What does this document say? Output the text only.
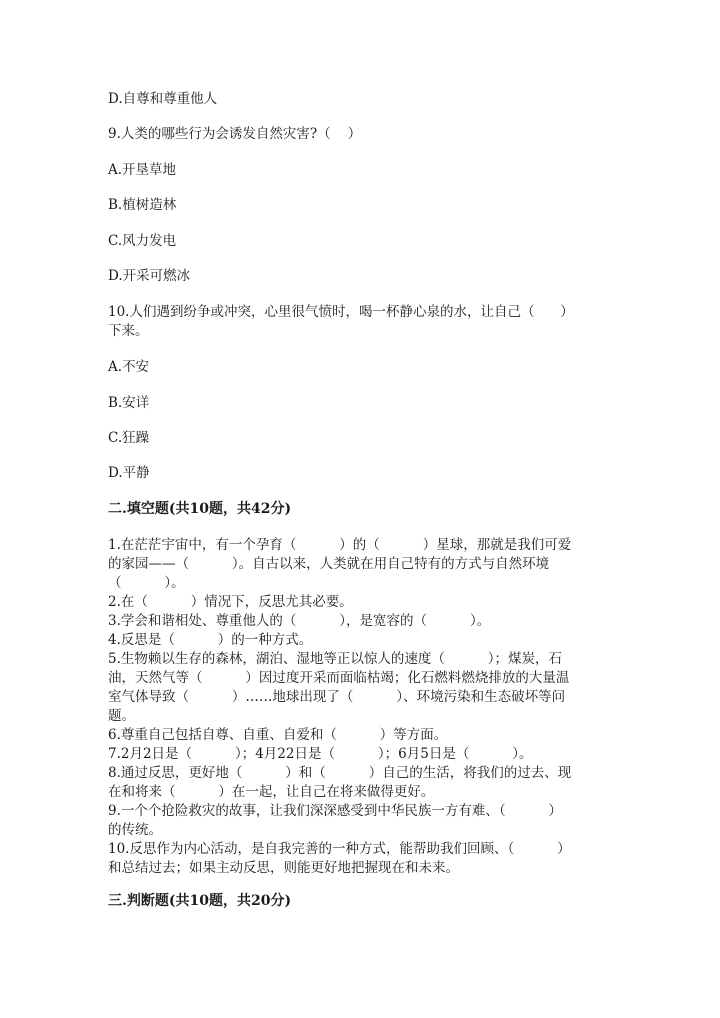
D.自尊和尊重他人
9.人类的哪些行为会诱发自然灾害?（    ）
A.开垦草地
B.植树造林
C.风力发电
D.开采可燃冰
10.人们遇到纷争或冲突，心里很气愤时，喝一杯静心泉的水，让自己（      ）
下来。
A.不安
B.安详
C.狂躁
D.平静
二.填空题(共10题，共42分)
1.在茫茫宇宙中，有一个孕育（          ）的（          ）星球，那就是我们可爱
的家园——（          ）。自古以来，人类就在用自己特有的方式与自然环境
（          ）。
2.在（          ）情况下，反思尤其必要。
3.学会和谐相处、尊重他人的（          ），是宽容的（          ）。
4.反思是（          ）的一种方式。
5.生物赖以生存的森林，湖泊、湿地等正以惊人的速度（          ）；煤炭，石
油，天然气等（          ）因过度开采而面临枯竭；化石燃料燃烧排放的大量温
室气体导致（          ）……地球出现了（          ）、环境污染和生态破坏等问
题。
6.尊重自己包括自尊、自重、自爱和（          ）等方面。
7.2月2日是（          ）；4月22日是（          ）；6月5日是（          ）。
8.通过反思，更好地（          ）和（          ）自己的生活，将我们的过去、现
在和将来（          ）在一起，让自己在将来做得更好。
9.一个个抢险救灾的故事，让我们深深感受到中华民族一方有难、（          ）
的传统。
10.反思作为内心活动，是自我完善的一种方式，能帮助我们回顾、（          ）
和总结过去；如果主动反思，则能更好地把握现在和未来。
三.判断题(共10题，共20分)
